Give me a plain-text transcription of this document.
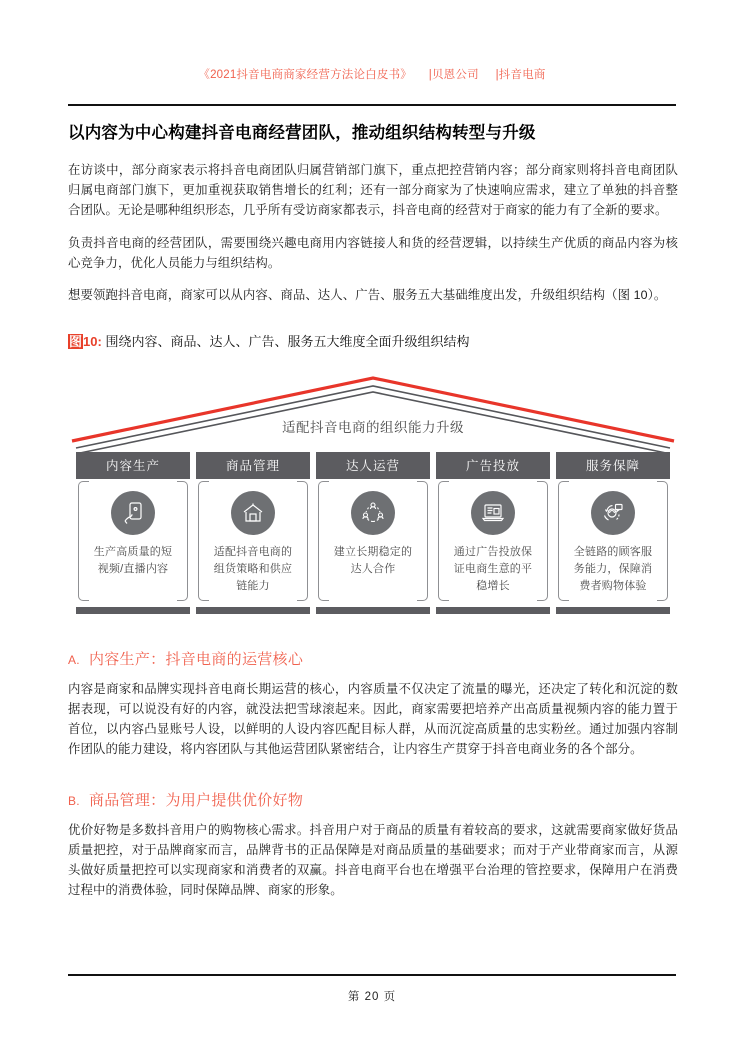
《2021抖音电商商家经营方法论白皮书》 |贝恩公司 |抖音电商
以内容为中心构建抖音电商经营团队，推动组织结构转型与升级

在访谈中，部分商家表示将抖音电商团队归属营销部门旗下，重点把控营销内容；部分商家则将抖音电商团队归属电商部门旗下，更加重视获取销售增长的红利；还有一部分商家为了快速响应需求，建立了单独的抖音整合团队。无论是哪种组织形态，几乎所有受访商家都表示，抖音电商的经营对于商家的能力有了全新的要求。

负责抖音电商的经营团队，需要围绕兴趣电商用内容链接人和货的经营逻辑，以持续生产优质的商品内容为核心竞争力，优化人员能力与组织结构。

想要领跑抖音电商，商家可以从内容、商品、达人、广告、服务五大基础维度出发，升级组织结构（图 10）。

图10: 围绕内容、商品、达人、广告、服务五大维度全面升级组织结构
适配抖音电商的组织能力升级
内容生产
生产高质量的短视频/直播内容
商品管理
适配抖音电商的组货策略和供应链能力
达人运营
建立长期稳定的达人合作
广告投放
通过广告投放保证电商生意的平稳增长
服务保障
全链路的顾客服务能力，保障消费者购物体验
A. 内容生产：抖音电商的运营核心

内容是商家和品牌实现抖音电商长期运营的核心，内容质量不仅决定了流量的曝光，还决定了转化和沉淀的数据表现，可以说没有好的内容，就没法把雪球滚起来。因此，商家需要把培养产出高质量视频内容的能力置于首位，以内容凸显账号人设，以鲜明的人设内容匹配目标人群，从而沉淀高质量的忠实粉丝。通过加强内容制作团队的能力建设，将内容团队与其他运营团队紧密结合，让内容生产贯穿于抖音电商业务的各个部分。

B. 商品管理：为用户提供优价好物

优价好物是多数抖音用户的购物核心需求。抖音用户对于商品的质量有着较高的要求，这就需要商家做好货品质量把控，对于品牌商家而言，品牌背书的正品保障是对商品质量的基础要求；而对于产业带商家而言，从源头做好质量把控可以实现商家和消费者的双赢。抖音电商平台也在增强平台治理的管控要求，保障用户在消费过程中的消费体验，同时保障品牌、商家的形象。

第 20 页
